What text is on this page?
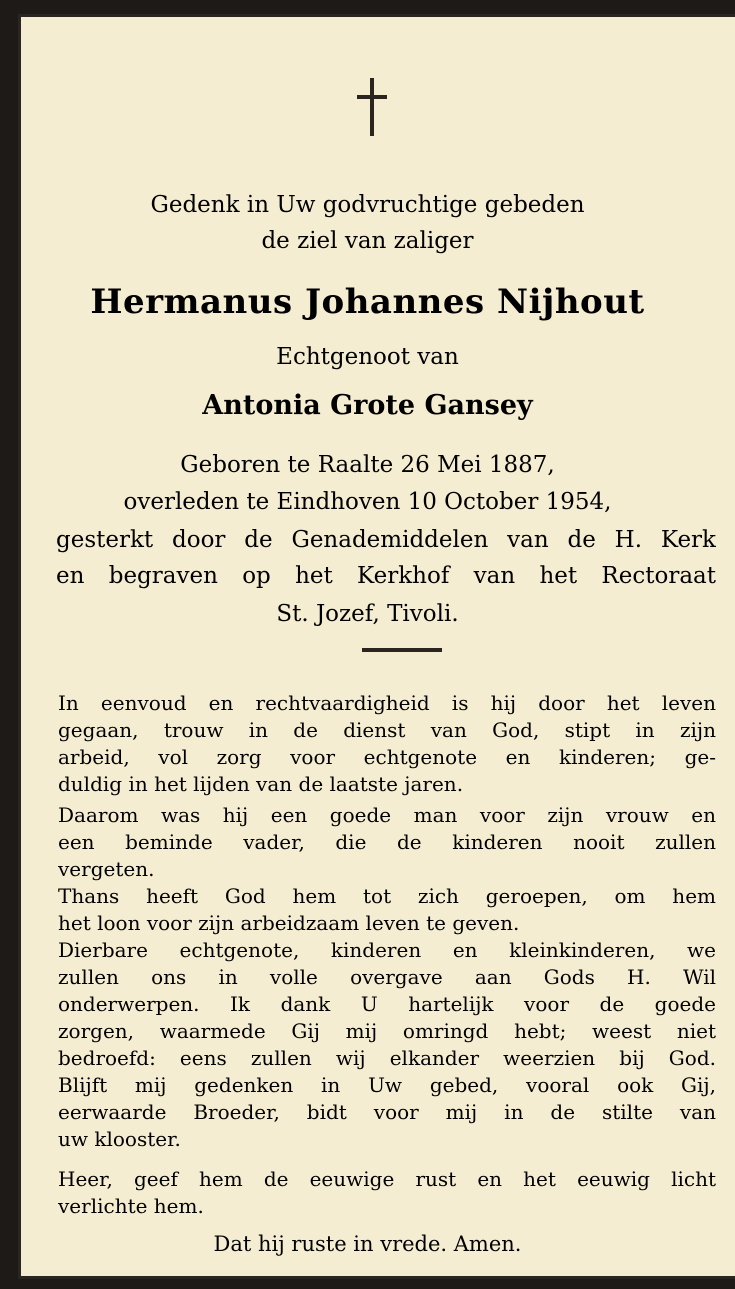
Gedenk in Uw godvruchtige gebeden
de ziel van zaliger
Hermanus Johannes Nijhout
Echtgenoot van
Antonia Grote Gansey
Geboren te Raalte 26 Mei 1887,
overleden te Eindhoven 10 October 1954,
gesterkt door de Genademiddelen van de H. Kerk
en begraven op het Kerkhof van het Rectoraat
St. Jozef, Tivoli.
In eenvoud en rechtvaardigheid is hij door het leven
gegaan, trouw in de dienst van God, stipt in zijn
arbeid, vol zorg voor echtgenote en kinderen; ge-
duldig in het lijden van de laatste jaren.
Daarom was hij een goede man voor zijn vrouw en
een beminde vader, die de kinderen nooit zullen
vergeten.
Thans heeft God hem tot zich geroepen, om hem
het loon voor zijn arbeidzaam leven te geven.
Dierbare echtgenote, kinderen en kleinkinderen, we
zullen ons in volle overgave aan Gods H. Wil
onderwerpen. Ik dank U hartelijk voor de goede
zorgen, waarmede Gij mij omringd hebt; weest niet
bedroefd: eens zullen wij elkander weerzien bij God.
Blijft mij gedenken in Uw gebed, vooral ook Gij,
eerwaarde Broeder, bidt voor mij in de stilte van
uw klooster.
Heer, geef hem de eeuwige rust en het eeuwig licht
verlichte hem.
Dat hij ruste in vrede. Amen.
